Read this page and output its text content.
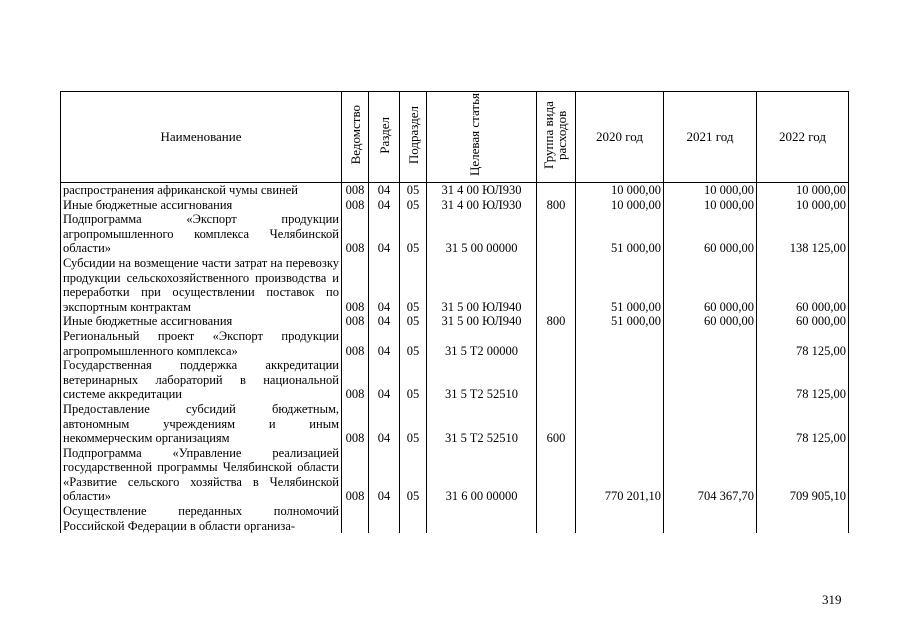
Наименование	Ведомство	Раздел	Подраздел	Целевая статья	Группа вида расходов	2020 год	2021 год	2022 год
распространения африканской чумы свиней	008	04	05	31 4 00 ЮЛ930		10 000,00	10 000,00	10 000,00
Иные бюджетные ассигнования	008	04	05	31 4 00 ЮЛ930	800	10 000,00	10 000,00	10 000,00
Подпрограмма «Экспорт продукции агропромышленного комплекса Челябинской области»	008	04	05	31 5 00 00000		51 000,00	60 000,00	138 125,00
Субсидии на возмещение части затрат на перевозку продукции сельскохозяйственного производства и переработки при осуществлении поставок по экспортным контрактам	008	04	05	31 5 00 ЮЛ940		51 000,00	60 000,00	60 000,00
Иные бюджетные ассигнования	008	04	05	31 5 00 ЮЛ940	800	51 000,00	60 000,00	60 000,00
Региональный проект «Экспорт продукции агропромышленного комплекса»	008	04	05	31 5 T2 00000				78 125,00
Государственная поддержка аккредитации ветеринарных лабораторий в национальной системе аккредитации	008	04	05	31 5 T2 52510				78 125,00
Предоставление субсидий бюджетным, автономным учреждениям и иным некоммерческим организациям	008	04	05	31 5 T2 52510	600			78 125,00
Подпрограмма «Управление реализацией государственной программы Челябинской области «Развитие сельского хозяйства в Челябинской области»	008	04	05	31 6 00 00000		770 201,10	704 367,70	709 905,10
Осуществление переданных полномочий Российской Федерации в области организа-								
319
